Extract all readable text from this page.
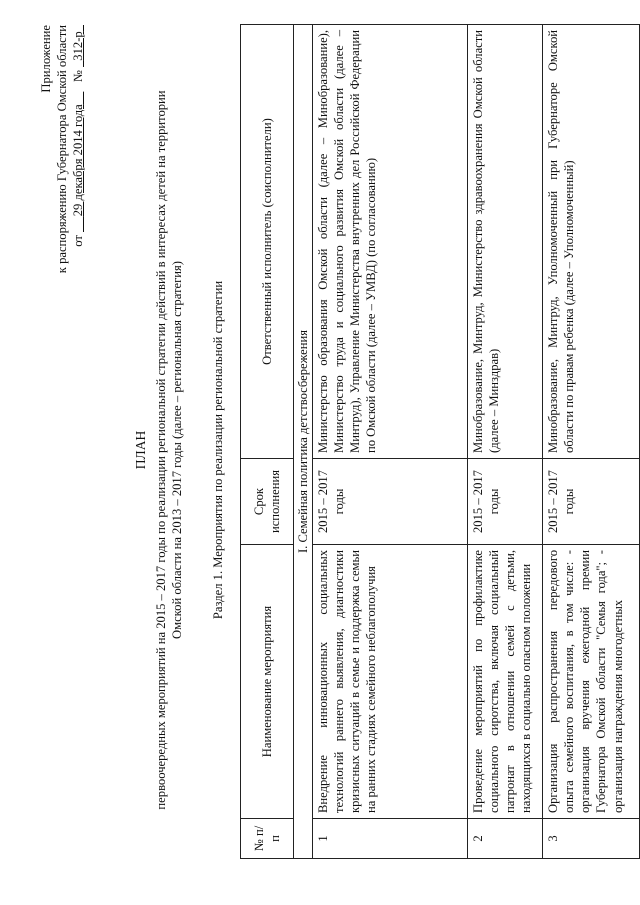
Приложение к распоряжению Губернатора Омской области от      29 декабря 2014 года       №   312-р
ПЛАН первоочередных мероприятий на 2015 – 2017 годы по реализации региональной стратегии действий в интересах детей на территории Омской области на 2013 – 2017 годы (далее – региональная стратегия) Раздел 1. Мероприятия по реализации региональной стратегии
№ п/п	Наименование мероприятия	Срок исполнения	Ответственный исполнитель (соисполнители)
I. Семейная политика детствосбережения			
1	Внедрение инновационных социальных технологий раннего выявления, диагностики кризисных ситуаций в семье и поддержка семьи на ранних стадиях семейного неблагополучия	2015 – 2017 годы	Министерство образования Омской области (далее – Минобразование), Министерство труда и социального развития Омской области (далее – Минтруд), Управление Министерства внутренних дел Российской Федерации по Омской области (далее – УМВД) (по согласованию)
2	Проведение мероприятий по профилактике социального сиротства, включая социальный патронат в отношении семей с детьми, находящихся в социально опасном положении	2015 – 2017 годы	Минобразование, Минтруд, Министерство здравоохранения Омской области (далее – Минздрав)
3	Организация распространения передового опыта семейного воспитания, в том числе: - организация вручения ежегодной премии Губернатора Омской области "Семья года"; - организация награждения многодетных	2015 – 2017 годы	Минобразование, Минтруд, Уполномоченный при Губернаторе Омской области по правам ребенка (далее – Уполномоченный)
